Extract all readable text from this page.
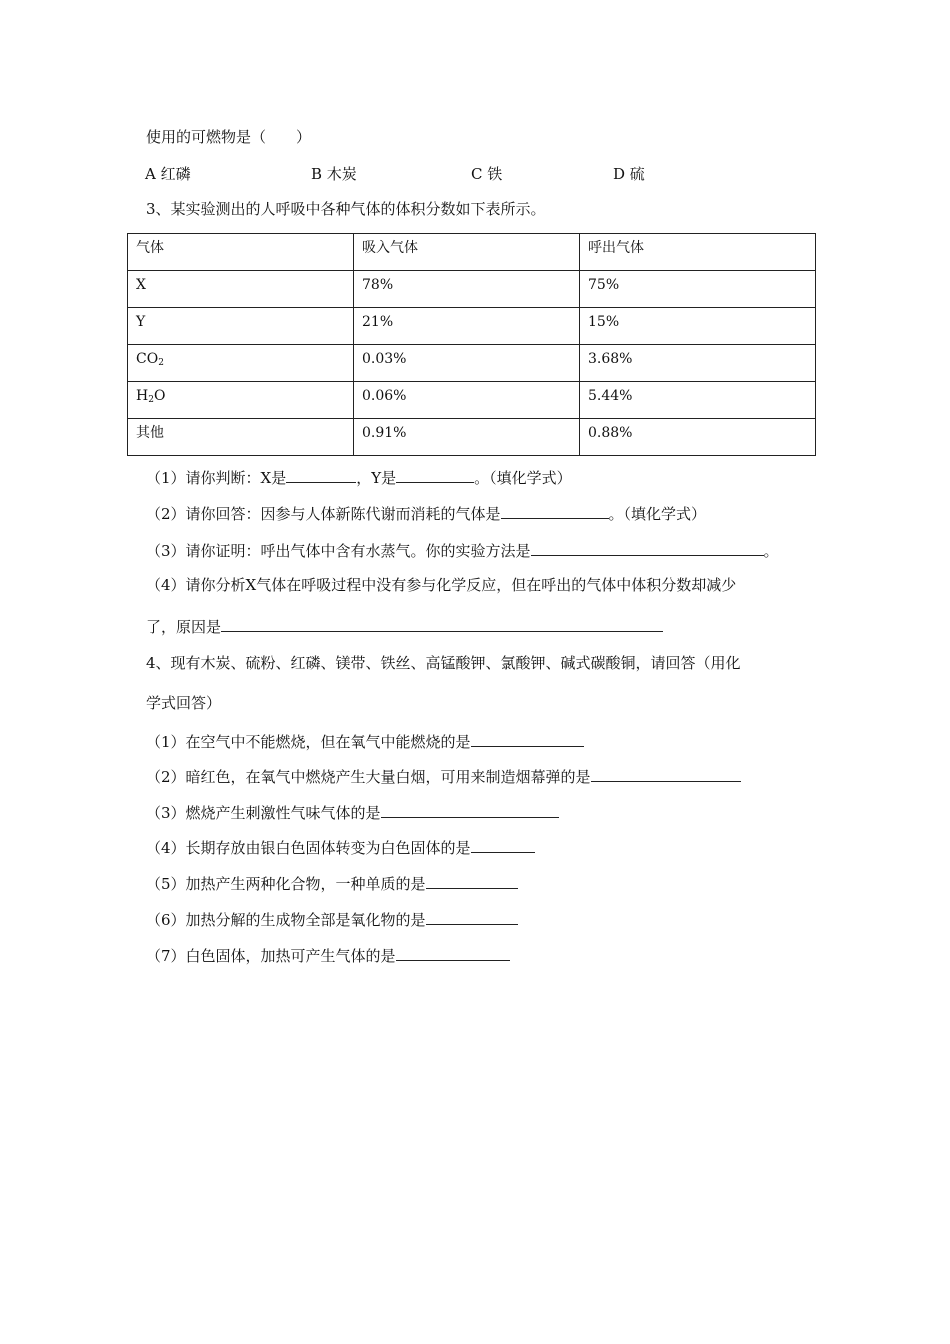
使用的可燃物是（　　）
A 红磷	B 木炭	C 铁	D 硫
3、某实验测出的人呼吸中各种气体的体积分数如下表所示。
气体	吸入气体	呼出气体
X	78%	75%
Y	21%	15%
$CO_2$	0.03%	3.68%
$H_2O$	0.06%	5.44%
其他	0.91%	0.88%
（1）请你判断：X是	，Y是	。（填化学式）
（2）请你回答：因参与人体新陈代谢而消耗的气体是	。（填化学式）
（3）请你证明：呼出气体中含有水蒸气。你的实验方法是	。
（4）请你分析X气体在呼吸过程中没有参与化学反应，但在呼出的气体中体积分数却减少
了，原因是
4、现有木炭、硫粉、红磷、镁带、铁丝、高锰酸钾、氯酸钾、碱式碳酸铜，请回答（用化
学式回答）
（1）在空气中不能燃烧，但在氧气中能燃烧的是
（2）暗红色，在氧气中燃烧产生大量白烟，可用来制造烟幕弹的是
（3）燃烧产生刺激性气味气体的是
（4）长期存放由银白色固体转变为白色固体的是
（5）加热产生两种化合物，一种单质的是
（6）加热分解的生成物全部是氧化物的是
（7）白色固体，加热可产生气体的是
